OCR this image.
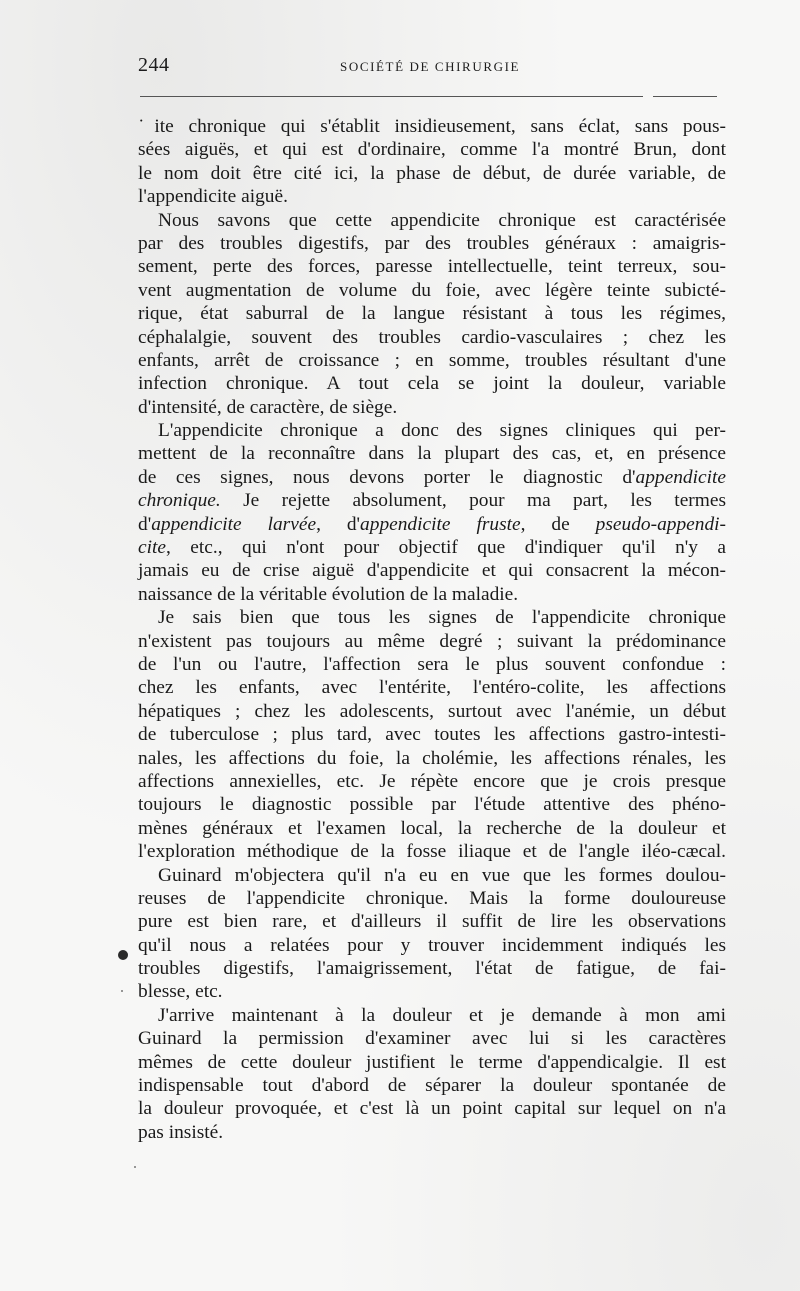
244	SOCIÉTÉ DE CHIRURGIE
˙ite chronique qui s'établit insidieusement, sans éclat, sans pous-
sées aiguës, et qui est d'ordinaire, comme l'a montré Brun, dont
le nom doit être cité ici, la phase de début, de durée variable, de
l'appendicite aiguë.
Nous savons que cette appendicite chronique est caractérisée
par des troubles digestifs, par des troubles généraux : amaigris-
sement, perte des forces, paresse intellectuelle, teint terreux, sou-
vent augmentation de volume du foie, avec légère teinte subicté-
rique, état saburral de la langue résistant à tous les régimes,
céphalalgie, souvent des troubles cardio-vasculaires ; chez les
enfants, arrêt de croissance ; en somme, troubles résultant d'une
infection chronique. A tout cela se joint la douleur, variable
d'intensité, de caractère, de siège.
L'appendicite chronique a donc des signes cliniques qui per-
mettent de la reconnaître dans la plupart des cas, et, en présence
de ces signes, nous devons porter le diagnostic d'appendicite
chronique. Je rejette absolument, pour ma part, les termes
d'appendicite larvée, d'appendicite fruste, de pseudo-appendi-
cite, etc., qui n'ont pour objectif que d'indiquer qu'il n'y a
jamais eu de crise aiguë d'appendicite et qui consacrent la mécon-
naissance de la véritable évolution de la maladie.
Je sais bien que tous les signes de l'appendicite chronique
n'existent pas toujours au même degré ; suivant la prédominance
de l'un ou l'autre, l'affection sera le plus souvent confondue :
chez les enfants, avec l'entérite, l'entéro-colite, les affections
hépatiques ; chez les adolescents, surtout avec l'anémie, un début
de tuberculose ; plus tard, avec toutes les affections gastro-intesti-
nales, les affections du foie, la cholémie, les affections rénales, les
affections annexielles, etc. Je répète encore que je crois presque
toujours le diagnostic possible par l'étude attentive des phéno-
mènes généraux et l'examen local, la recherche de la douleur et
l'exploration méthodique de la fosse iliaque et de l'angle iléo-cæcal.
Guinard m'objectera qu'il n'a eu en vue que les formes doulou-
reuses de l'appendicite chronique. Mais la forme douloureuse
pure est bien rare, et d'ailleurs il suffit de lire les observations
qu'il nous a relatées pour y trouver incidemment indiqués les
troubles digestifs, l'amaigrissement, l'état de fatigue, de fai-
blesse, etc.
J'arrive maintenant à la douleur et je demande à mon ami
Guinard la permission d'examiner avec lui si les caractères
mêmes de cette douleur justifient le terme d'appendicalgie. Il est
indispensable tout d'abord de séparer la douleur spontanée de
la douleur provoquée, et c'est là un point capital sur lequel on n'a
pas insisté.
